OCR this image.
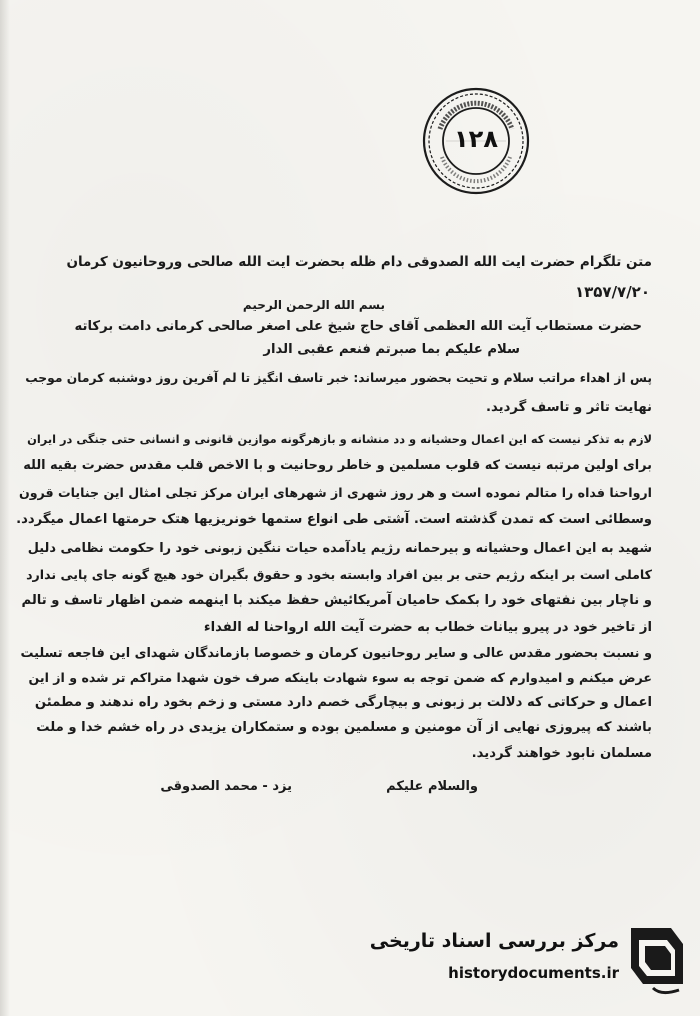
۱۲۸
متن تلگرام حضرت ایت الله الصدوقی دام ظله بحضرت ایت الله صالحی وروحانیون کرمان
۱۳۵۷/۷/۲۰
بسم الله الرحمن الرحیم
حضرت مستطاب آیت الله العظمی آقای حاج شیخ علی اصغر صالحی کرمانی دامت برکاته
سلام علیکم بما صبرتم فنعم عقبی الدار
پس از اهداء مراتب سلام و تحیت بحضور میرساند: خبر تاسف انگیز تا لم آفرین روز دوشنبه کرمان موجب
نهایت تاثر و تاسف گردید.
لازم به تذکر نیست که این اعمال وحشیانه و دد منشانه و بازهرگونه موازین قانونی و انسانی حتی جنگی در ایران
برای اولین مرتبه نیست که قلوب مسلمین و خاطر روحانیت و با الاخص قلب مقدس حضرت بقیه الله
ارواحنا فداه را متالم نموده است و هر روز شهری از شهرهای ایران مرکز تجلی امثال این جنایات قرون
وسطائی است که تمدن گذشته است. آشتی طی انواع ستمها خونریزیها هتک حرمتها اعمال میگردد.
شهید به این اعمال وحشیانه و بیرحمانه رژیم یادآمده حیات ننگین زبونی خود را حکومت نظامی دلیل
کاملی است بر اینکه رژیم حتی بر بین افراد وابسته بخود و حقوق بگیران خود هیچ گونه جای پایی ندارد
و ناچار بین نفتهای خود را بکمک حامیان آمریکائیش حفظ میکند با اینهمه ضمن اظهار تاسف و تالم
از تاخیر خود در پیرو بیانات خطاب به حضرت آیت الله ارواحنا له الفداء
و نسبت بحضور مقدس عالی و سایر روحانیون کرمان و خصوصا بازماندگان شهدای این فاجعه تسلیت
عرض میکنم و امیدوارم که ضمن توجه به سوء شهادت باینکه صرف خون شهدا متراکم تر شده و از این
اعمال و حرکاتی که دلالت بر زبونی و بیچارگی خصم دارد مستی و زخم بخود راه ندهند و مطمئن
باشند که پیروزی نهایی از آن مومنین و مسلمین بوده و ستمکاران یزیدی در راه خشم خدا و ملت
مسلمان نابود خواهند گردید.
والسلام علیکم
یزد - محمد الصدوقی
مرکز بررسی اسناد تاریخی
historydocuments.ir
